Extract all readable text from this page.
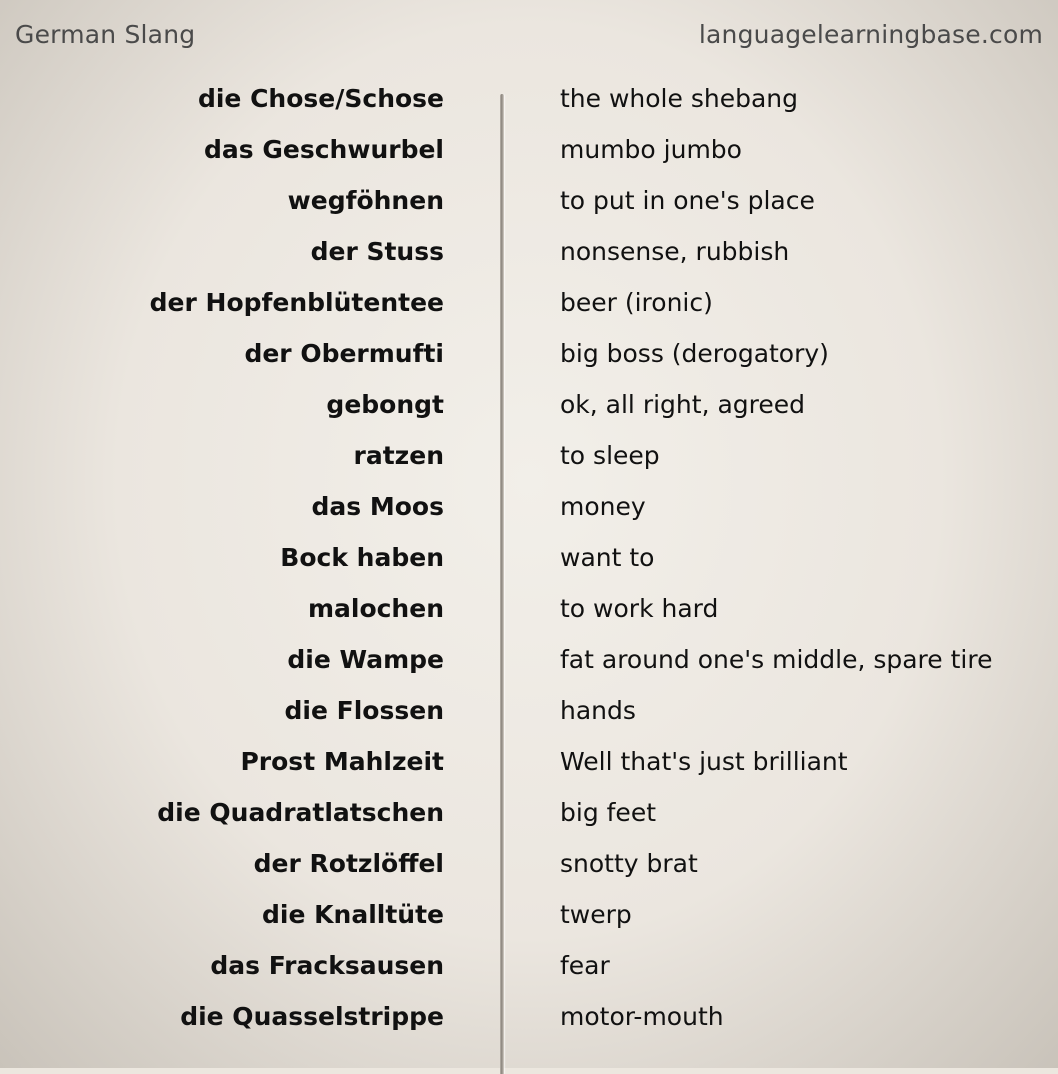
German Slang	languagelearningbase.com
die Chose/Schose	the whole shebang
das Geschwurbel	mumbo jumbo
wegföhnen	to put in one's place
der Stuss	nonsense, rubbish
der Hopfenblütentee	beer (ironic)
der Obermufti	big boss (derogatory)
gebongt	ok, all right, agreed
ratzen	to sleep
das Moos	money
Bock haben	want to
malochen	to work hard
die Wampe	fat around one's middle, spare tire
die Flossen	hands
Prost Mahlzeit	Well that's just brilliant
die Quadratlatschen	big feet
der Rotzlöffel	snotty brat
die Knalltüte	twerp
das Fracksausen	fear
die Quasselstrippe	motor-mouth
